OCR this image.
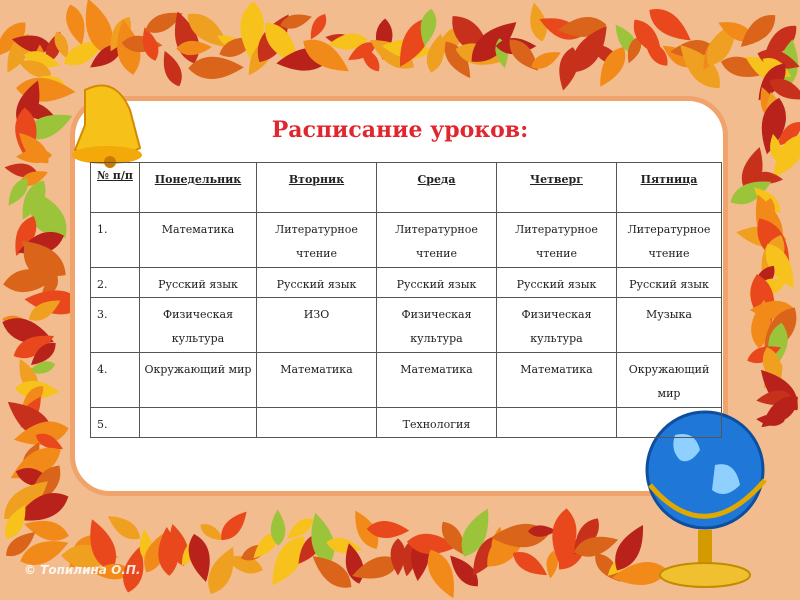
Расписание уроков:
№ п/п	Понедельник	Вторник	Среда	Четверг	Пятница
1.	Математика	Литературное чтение	Литературное чтение	Литературное чтение	Литературное чтение
2.	Русский язык	Русский язык	Русский язык	Русский язык	Русский язык
3.	Физическая культура	ИЗО	Физическая культура	Физическая культура	Музыка
4.	Окружающий мир	Математика	Математика	Математика	Окружающий мир
5.			Технология		
© Топилина О.П.
